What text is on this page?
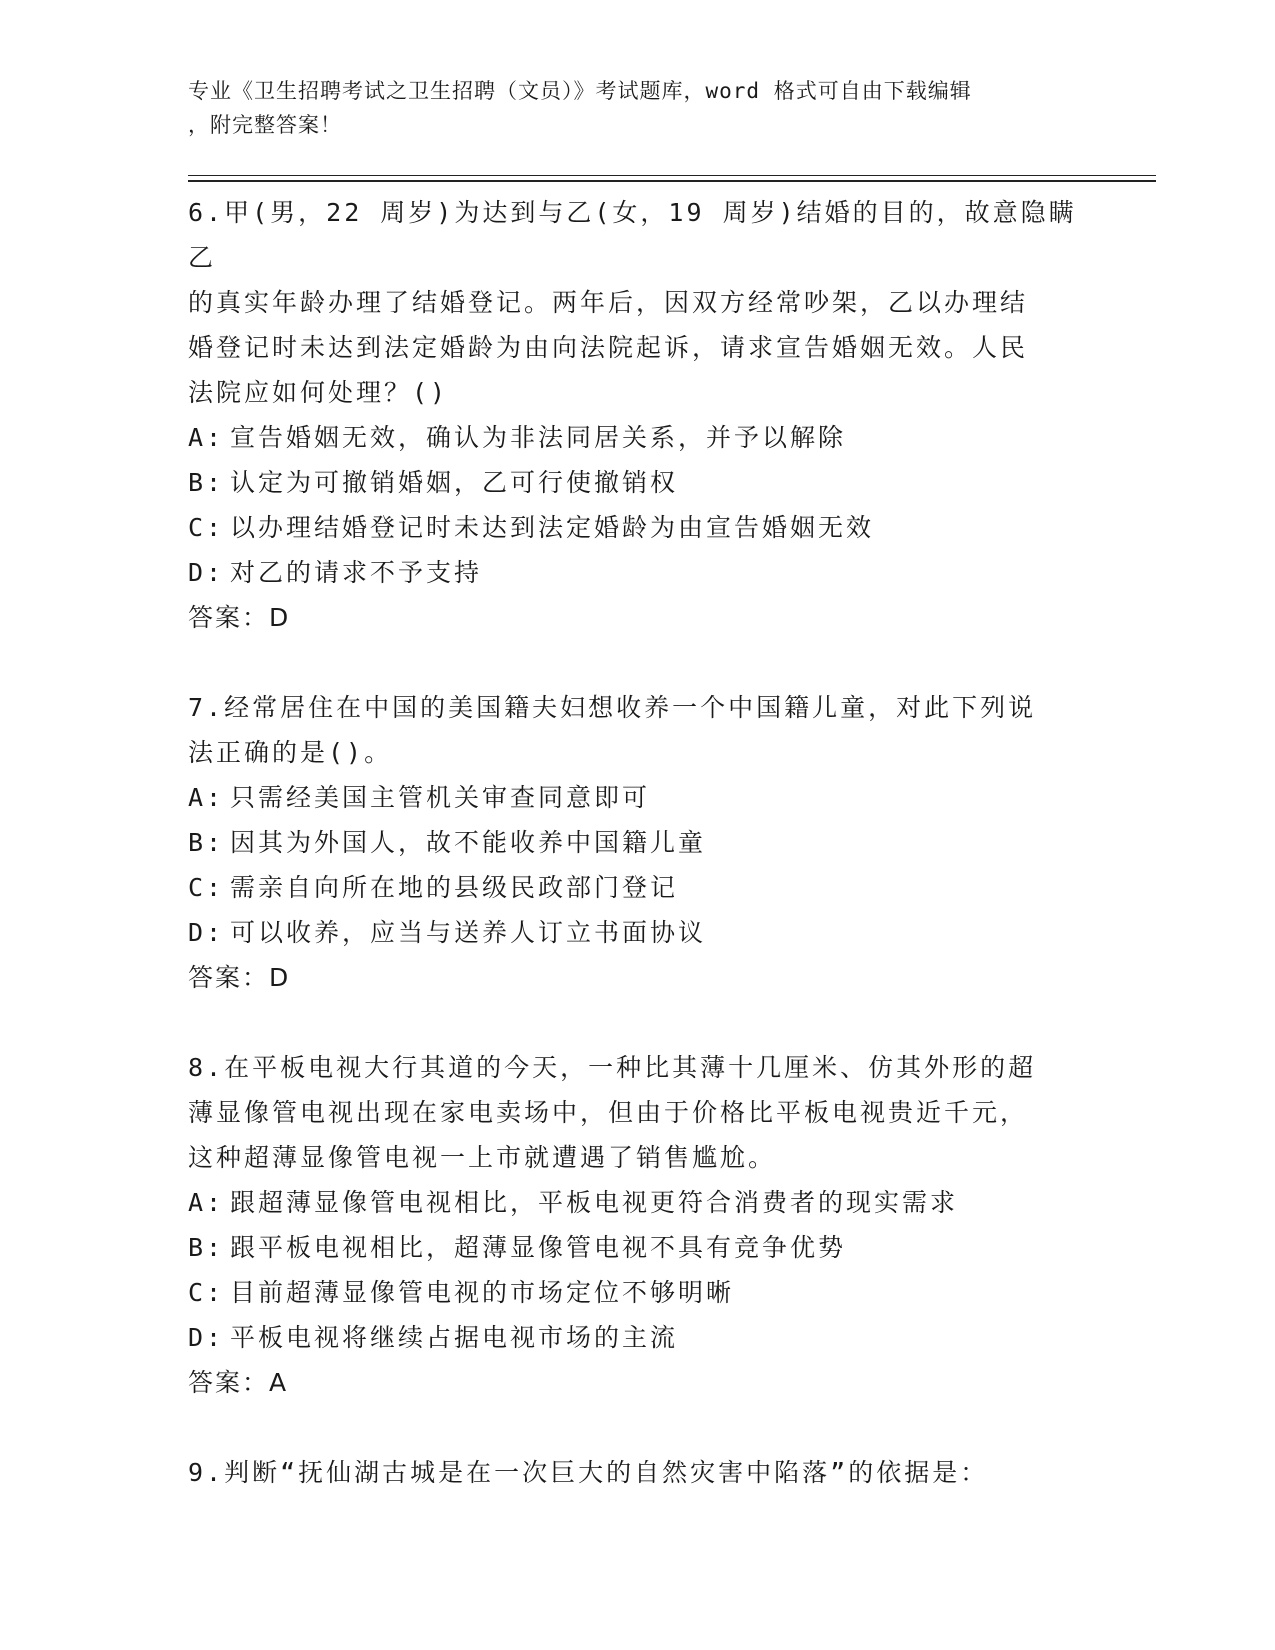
专业《卫生招聘考试之卫生招聘（文员）》考试题库，word 格式可自由下载编辑
，附完整答案！

6.甲(男，22 周岁)为达到与乙(女，19 周岁)结婚的目的，故意隐瞒乙

的真实年龄办理了结婚登记。两年后，因双方经常吵架，乙以办理结

婚登记时未达到法定婚龄为由向法院起诉，请求宣告婚姻无效。人民

法院应如何处理？()

A: 宣告婚姻无效，确认为非法同居关系，并予以解除

B: 认定为可撤销婚姻，乙可行使撤销权

C: 以办理结婚登记时未达到法定婚龄为由宣告婚姻无效

D: 对乙的请求不予支持

答案：D

7.经常居住在中国的美国籍夫妇想收养一个中国籍儿童，对此下列说

法正确的是()。

A: 只需经美国主管机关审查同意即可

B: 因其为外国人，故不能收养中国籍儿童

C: 需亲自向所在地的县级民政部门登记

D: 可以收养，应当与送养人订立书面协议

答案：D

8.在平板电视大行其道的今天，一种比其薄十几厘米、仿其外形的超

薄显像管电视出现在家电卖场中，但由于价格比平板电视贵近千元，

这种超薄显像管电视一上市就遭遇了销售尴尬。

A: 跟超薄显像管电视相比，平板电视更符合消费者的现实需求

B: 跟平板电视相比，超薄显像管电视不具有竞争优势

C: 目前超薄显像管电视的市场定位不够明晰

D: 平板电视将继续占据电视市场的主流

答案：A

9.判断“抚仙湖古城是在一次巨大的自然灾害中陷落”的依据是：
